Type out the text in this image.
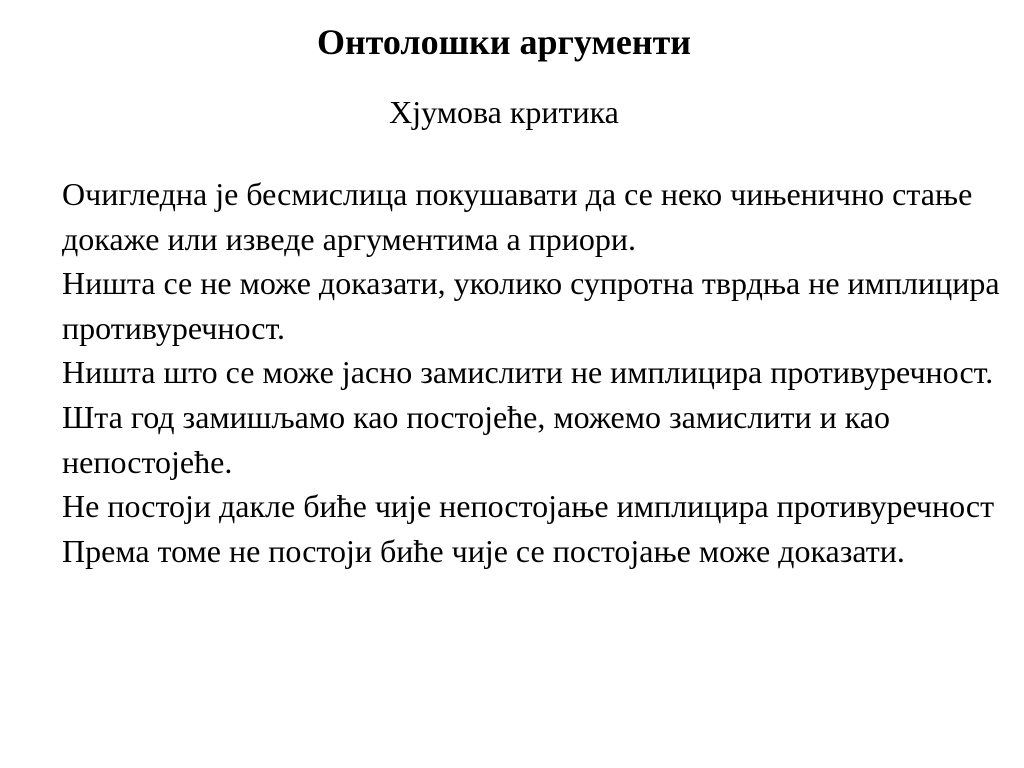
Онтолошки аргументи
Хјумова критика

Очигледна је бесмислица покушавати да се неко чињенично стање докаже или изведе аргументима а приори.

Ништа се не може доказати, уколико супротна тврдња не имплицира противуречност.

Ништа што се може јасно замислити не имплицира противуречност.

Шта год замишљамо као постојеће, можемо замислити и као непостојеће.

Не постоји дакле биће чије непостојање имплицира противуречност

Према томе не постоји биће чије се постојање може доказати.
